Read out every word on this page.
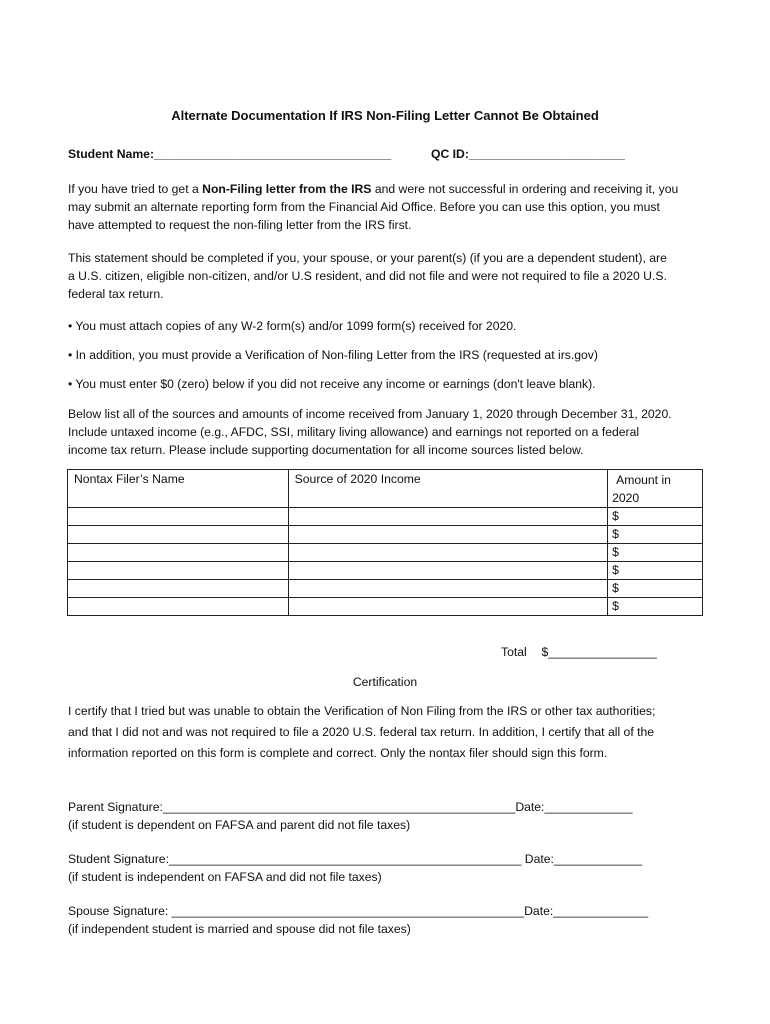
Alternate Documentation If IRS Non-Filing Letter Cannot Be Obtained
Student Name:___________________________________	QC ID:_______________________

If you have tried to get a Non-Filing letter from the IRS and were not successful in ordering and receiving it, you

may submit an alternate reporting form from the Financial Aid Office. Before you can use this option, you must

have attempted to request the non-filing letter from the IRS first.

This statement should be completed if you, your spouse, or your parent(s) (if you are a dependent student), are

a U.S. citizen, eligible non-citizen, and/or U.S resident, and did not file and were not required to file a 2020 U.S.

federal tax return.

• You must attach copies of any W-2 form(s) and/or 1099 form(s) received for 2020.
• In addition, you must provide a Verification of Non-filing Letter from the IRS (requested at irs.gov)
• You must enter $0 (zero) below if you did not receive any income or earnings (don't leave blank).

Below list all of the sources and amounts of income received from January 1, 2020 through December 31, 2020.

Include untaxed income (e.g., AFDC, SSI, military living allowance) and earnings not reported on a federal

income tax return. Please include supporting documentation for all income sources listed below.

Nontax Filer’s Name	Source of 2020 Income	Amount in
2020

		$
		$
		$
		$
		$
		$
Total $________________
Certification

I certify that I tried but was unable to obtain the Verification of Non Filing from the IRS or other tax authorities;

and that I did not and was not required to file a 2020 U.S. federal tax return. In addition, I certify that all of the

information reported on this form is complete and correct. Only the nontax filer should sign this form.

Parent Signature:____________________________________________________Date:_____________
(if student is dependent on FAFSA and parent did not file taxes)
Student Signature:____________________________________________________ Date:_____________
(if student is independent on FAFSA and did not file taxes)
Spouse Signature: ____________________________________________________Date:______________
(if independent student is married and spouse did not file taxes)
